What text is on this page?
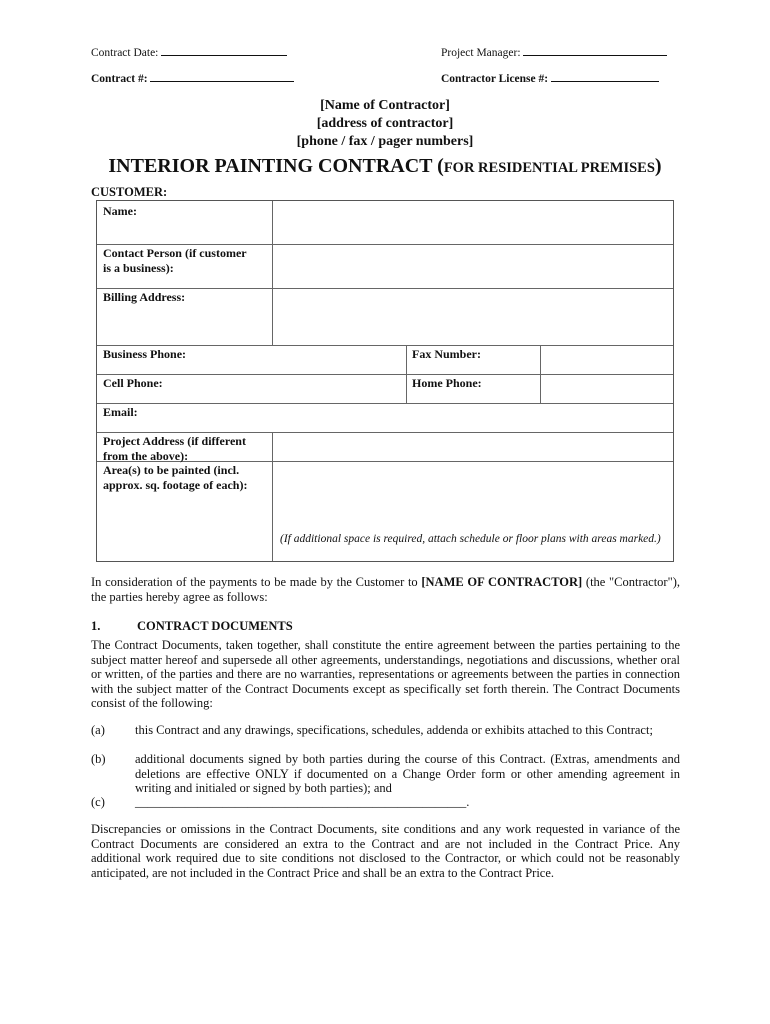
Contract Date:	Project Manager:
Contract #:	Contractor License #:
[Name of Contractor]
[address of contractor]
[phone / fax / pager numbers]
INTERIOR PAINTING CONTRACT (FOR RESIDENTIAL PREMISES)
CUSTOMER:
Name:
Contact Person (if customer
is a business):
Billing Address:
Business Phone:	Fax Number:
Cell Phone:	Home Phone:
Email:
Project Address (if different
from the above):
Area(s) to be painted (incl.
approx. sq. footage of each):
(If additional space is required, attach schedule or floor plans with areas marked.)
In consideration of the payments to be made by the Customer to [NAME OF CONTRACTOR] (the "Contractor"), the parties hereby agree as follows:
1.	CONTRACT DOCUMENTS
The Contract Documents, taken together, shall constitute the entire agreement between the parties pertaining to the subject matter hereof and supersede all other agreements, understandings, negotiations and discussions, whether oral or written, of the parties and there are no warranties, representations or agreements between the parties in connection with the subject matter of the Contract Documents except as specifically set forth therein. The Contract Documents consist of the following:
(a) this Contract and any drawings, specifications, schedules, addenda or exhibits attached to this Contract;
(b) additional documents signed by both parties during the course of this Contract. (Extras, amendments and deletions are effective ONLY if documented on a Change Order form or other amending agreement in writing and initialed or signed by both parties); and
(c) _____________________________________________________.
Discrepancies or omissions in the Contract Documents, site conditions and any work requested in variance of the Contract Documents are considered an extra to the Contract and are not included in the Contract Price. Any additional work required due to site conditions not disclosed to the Contractor, or which could not be reasonably anticipated, are not included in the Contract Price and shall be an extra to the Contract Price.
